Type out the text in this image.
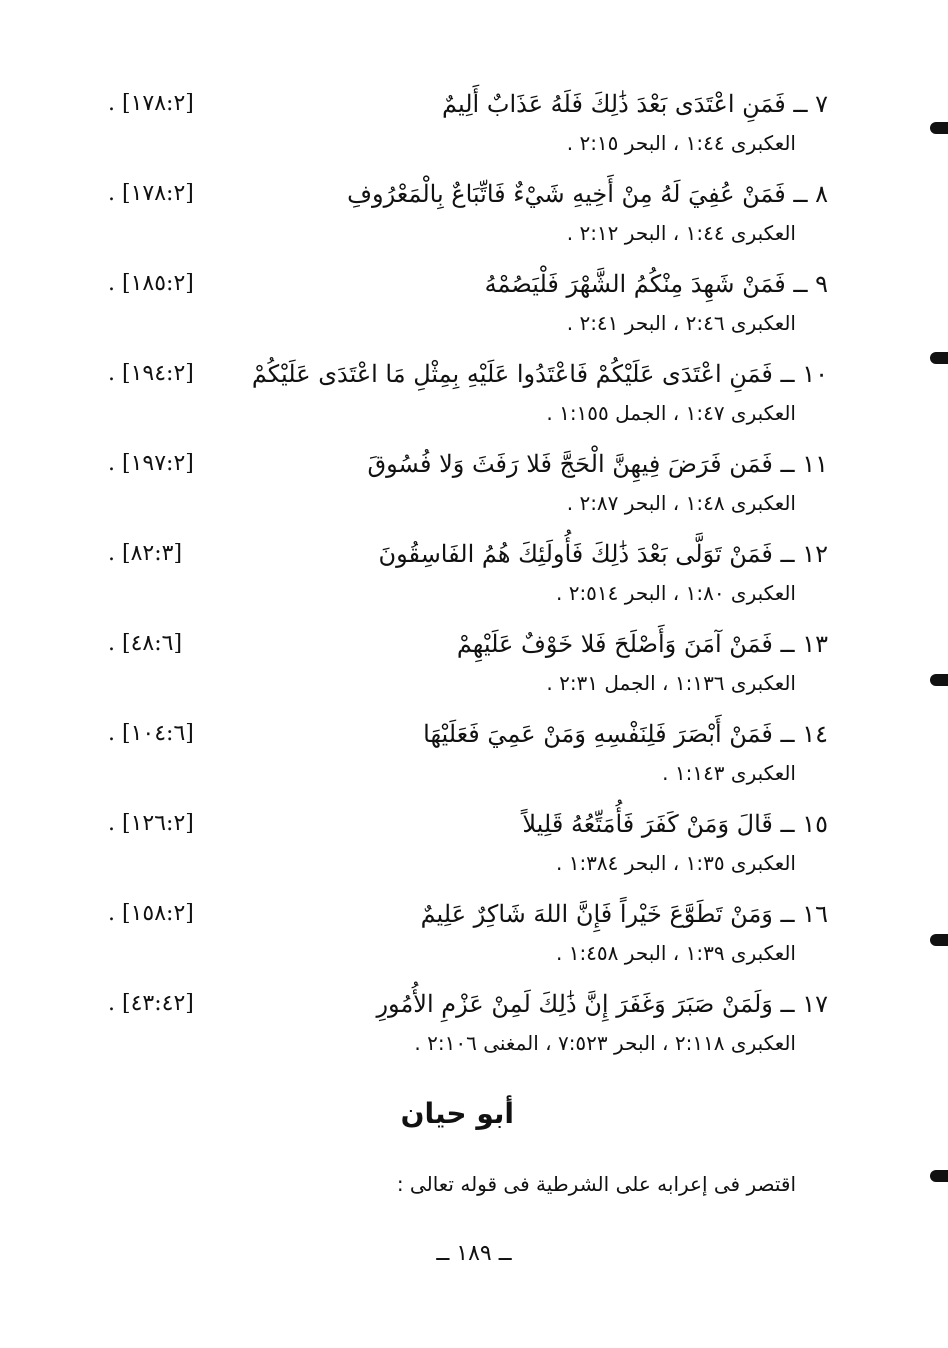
٧ ــ فَمَنِ اعْتَدَى بَعْدَ ذَٰلِكَ فَلَهُ عَذَابٌ أَلِيمٌ
[١٧٨:٢] .
العكبرى ١:٤٤ ، البحر ٢:١٥ .
٨ ــ فَمَنْ عُفِيَ لَهُ مِنْ أَخِيهِ شَيْءٌ فَاتِّبَاعٌ بِالْمَعْرُوفِ
[١٧٨:٢] .
العكبرى ١:٤٤ ، البحر ٢:١٢ .
٩ ــ فَمَنْ شَهِدَ مِنْكُمُ الشَّهْرَ فَلْيَصُمْهُ
[١٨٥:٢] .
العكبرى ٢:٤٦ ، البحر ٢:٤١ .
١٠ ــ فَمَنِ اعْتَدَى عَلَيْكُمْ فَاعْتَدُوا عَلَيْهِ بِمِثْلِ مَا اعْتَدَى عَلَيْكُمْ
[١٩٤:٢] .
العكبرى ١:٤٧ ، الجمل ١:١٥٥ .
١١ ــ فَمَن فَرَضَ فِيهِنَّ الْحَجَّ فَلا رَفَثَ وَلا فُسُوقَ
[١٩٧:٢] .
العكبرى ١:٤٨ ، البحر ٢:٨٧ .
١٢ ــ فَمَنْ تَوَلَّى بَعْدَ ذَٰلِكَ فَأُولَئِكَ هُمُ الفَاسِقُونَ
[٨٢:٣] .
العكبرى ١:٨٠ ، البحر ٢:٥١٤ .
١٣ ــ فَمَنْ آمَنَ وَأَصْلَحَ فَلا خَوْفٌ عَلَيْهِمْ
[٤٨:٦] .
العكبرى ١:١٣٦ ، الجمل ٢:٣١ .
١٤ ــ فَمَنْ أَبْصَرَ فَلِنَفْسِهِ وَمَنْ عَمِيَ فَعَلَيْهَا
[١٠٤:٦] .
العكبرى ١:١٤٣ .
١٥ ــ قَالَ وَمَنْ كَفَرَ فَأُمَتِّعُهُ قَلِيلاً
[١٢٦:٢] .
العكبرى ١:٣٥ ، البحر ١:٣٨٤ .
١٦ ــ وَمَنْ تَطَوَّعَ خَيْراً فَإِنَّ اللهَ شَاكِرٌ عَلِيمٌ
[١٥٨:٢] .
العكبرى ١:٣٩ ، البحر ١:٤٥٨ .
١٧ ــ وَلَمَنْ صَبَرَ وَغَفَرَ إِنَّ ذَٰلِكَ لَمِنْ عَزْمِ الأُمُورِ
[٤٣:٤٢] .
العكبرى ٢:١١٨ ، البحر ٧:٥٢٣ ، المغنى ٢:١٠٦ .
أبو حيان
اقتصر فى إعرابه على الشرطية فى قوله تعالى :
ــ ١٨٩ ــ
